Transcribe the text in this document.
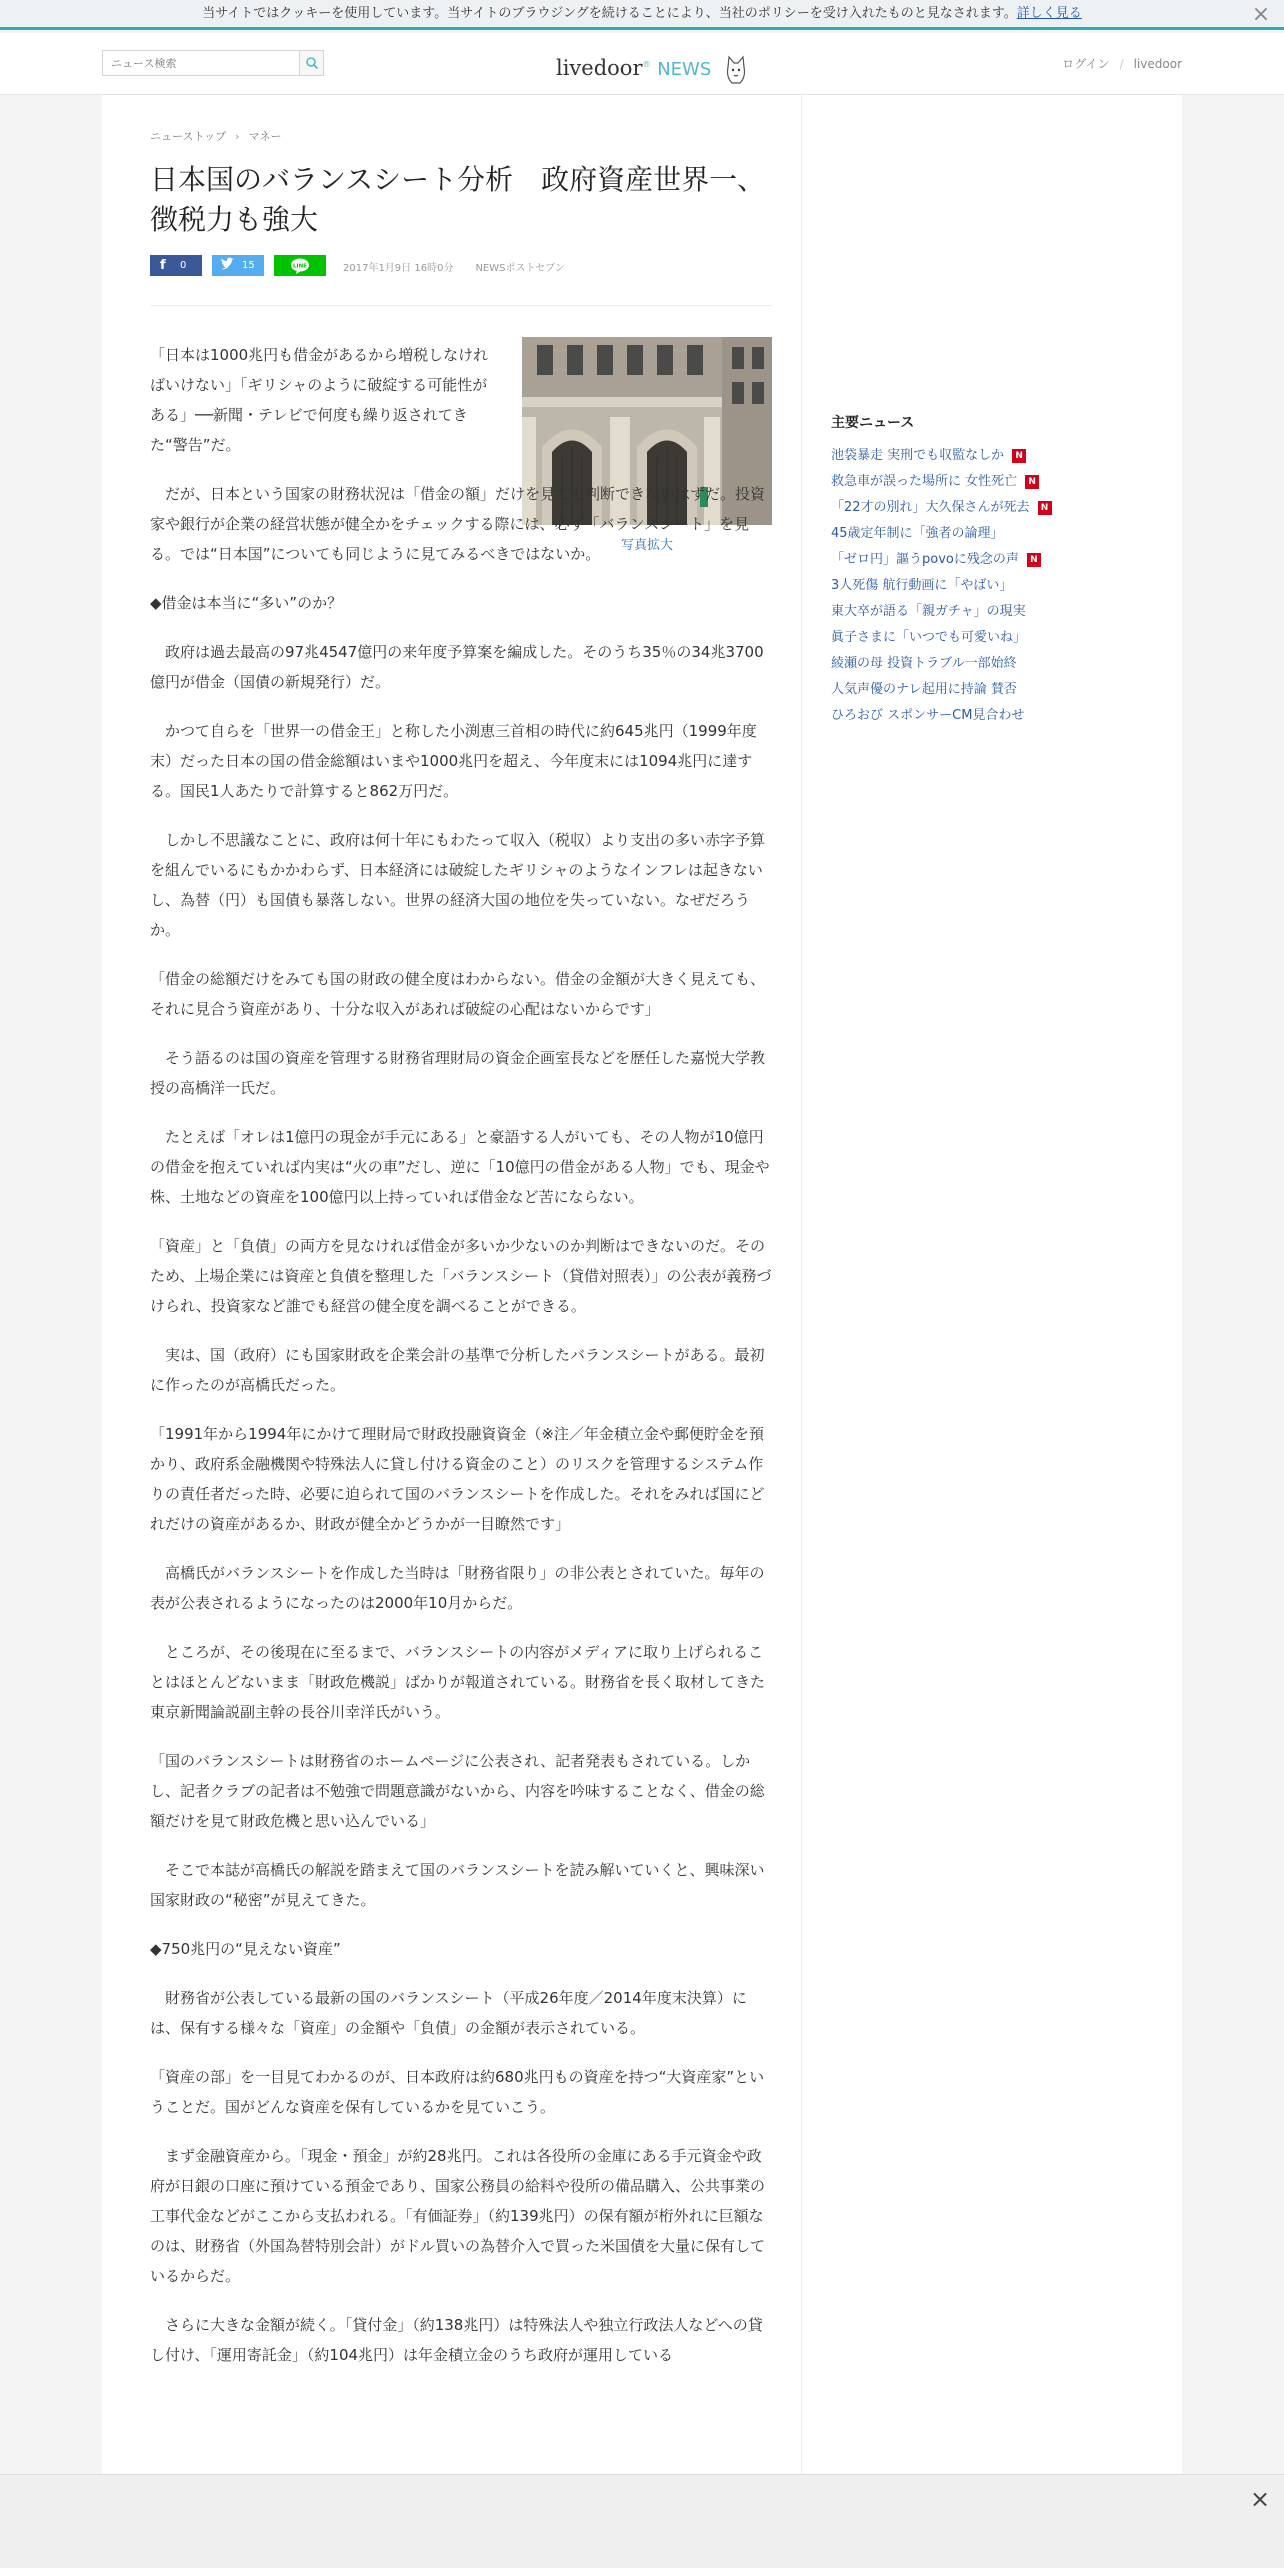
当サイトではクッキーを使用しています。当サイトのブラウジングを続けることにより、当社のポリシーを受け入れたものと見なされます。詳しく見る	×
ニュース検索
livedoor® NEWS	ログイン / livedoor
ニューストップ › マネー
日本国のバランスシート分析　政府資産世界一、徴税力も強大
f 0	15	LINE	2017年1月9日 16時0分 NEWSポストセブン
写真拡大

「日本は1000兆円も借金があるから増税しなければいけない」「ギリシャのように破綻する可能性がある」──新聞・テレビで何度も繰り返されてきた“警告”だ。

　だが、日本という国家の財務状況は「借金の額」だけを見ても判断できないはずだ。投資家や銀行が企業の経営状態が健全かをチェックする際には、必ず「バランスシート」を見る。では“日本国”についても同じように見てみるべきではないか。

◆借金は本当に“多い”のか？

　政府は過去最高の97兆4547億円の来年度予算案を編成した。そのうち35％の34兆3700億円が借金（国債の新規発行）だ。

　かつて自らを「世界一の借金王」と称した小渕恵三首相の時代に約645兆円（1999年度末）だった日本の国の借金総額はいまや1000兆円を超え、今年度末には1094兆円に達する。国民1人あたりで計算すると862万円だ。

　しかし不思議なことに、政府は何十年にもわたって収入（税収）より支出の多い赤字予算を組んでいるにもかかわらず、日本経済には破綻したギリシャのようなインフレは起きないし、為替（円）も国債も暴落しない。世界の経済大国の地位を失っていない。なぜだろうか。

「借金の総額だけをみても国の財政の健全度はわからない。借金の金額が大きく見えても、それに見合う資産があり、十分な収入があれば破綻の心配はないからです」

　そう語るのは国の資産を管理する財務省理財局の資金企画室長などを歴任した嘉悦大学教授の高橋洋一氏だ。

　たとえば「オレは1億円の現金が手元にある」と豪語する人がいても、その人物が10億円の借金を抱えていれば内実は“火の車”だし、逆に「10億円の借金がある人物」でも、現金や株、土地などの資産を100億円以上持っていれば借金など苦にならない。

「資産」と「負債」の両方を見なければ借金が多いか少ないのか判断はできないのだ。そのため、上場企業には資産と負債を整理した「バランスシート（貸借対照表）」の公表が義務づけられ、投資家など誰でも経営の健全度を調べることができる。

　実は、国（政府）にも国家財政を企業会計の基準で分析したバランスシートがある。最初に作ったのが高橋氏だった。

「1991年から1994年にかけて理財局で財政投融資資金（※注／年金積立金や郵便貯金を預かり、政府系金融機関や特殊法人に貸し付ける資金のこと）のリスクを管理するシステム作りの責任者だった時、必要に迫られて国のバランスシートを作成した。それをみれば国にどれだけの資産があるか、財政が健全かどうかが一目瞭然です」

　高橋氏がバランスシートを作成した当時は「財務省限り」の非公表とされていた。毎年の表が公表されるようになったのは2000年10月からだ。

　ところが、その後現在に至るまで、バランスシートの内容がメディアに取り上げられることはほとんどないまま「財政危機説」ばかりが報道されている。財務省を長く取材してきた東京新聞論説副主幹の長谷川幸洋氏がいう。

「国のバランスシートは財務省のホームページに公表され、記者発表もされている。しかし、記者クラブの記者は不勉強で問題意識がないから、内容を吟味することなく、借金の総額だけを見て財政危機と思い込んでいる」

　そこで本誌が高橋氏の解説を踏まえて国のバランスシートを読み解いていくと、興味深い国家財政の“秘密”が見えてきた。

◆750兆円の“見えない資産”

　財務省が公表している最新の国のバランスシート（平成26年度／2014年度末決算）には、保有する様々な「資産」の金額や「負債」の金額が表示されている。

「資産の部」を一目見てわかるのが、日本政府は約680兆円もの資産を持つ“大資産家”ということだ。国がどんな資産を保有しているかを見ていこう。

　まず金融資産から。「現金・預金」が約28兆円。これは各役所の金庫にある手元資金や政府が日銀の口座に預けている預金であり、国家公務員の給料や役所の備品購入、公共事業の工事代金などがここから支払われる。「有価証券」（約139兆円）の保有額が桁外れに巨額なのは、財務省（外国為替特別会計）がドル買いの為替介入で買った米国債を大量に保有しているからだ。

　さらに大きな金額が続く。「貸付金」（約138兆円）は特殊法人や独立行政法人などへの貸し付け、「運用寄託金」（約104兆円）は年金積立金のうち政府が運用している

主要ニュース
池袋暴走 実刑でも収監なしか N
救急車が誤った場所に 女性死亡 N
「22才の別れ」大久保さんが死去 N
45歳定年制に「強者の論理」
「ゼロ円」謳うpovoに残念の声 N
3人死傷 航行動画に「やばい」
東大卒が語る「親ガチャ」の現実
眞子さまに「いつでも可愛いね」
綾瀬の母 投資トラブル一部始終
人気声優のナレ起用に持論 賛否
ひろおび スポンサーCM見合わせ
×
